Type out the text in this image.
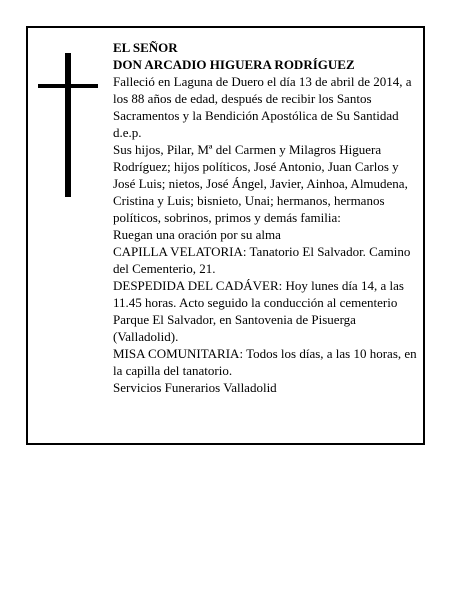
EL SEÑOR

DON ARCADIO HIGUERA RODRÍGUEZ

Falleció en Laguna de Duero el día 13 de abril de 2014, a los 88 años de edad, después de recibir los Santos Sacramentos y la Bendición Apostólica de Su Santidad

d.e.p.

Sus hijos, Pilar, Mª del Carmen y Milagros Higuera Rodríguez; hijos políticos, José Antonio, Juan Carlos y José Luis; nietos, José Ángel, Javier, Ainhoa, Almudena, Cristina y Luis; bisnieto, Unai; hermanos, hermanos políticos, sobrinos, primos y demás familia:

Ruegan una oración por su alma

CAPILLA VELATORIA: Tanatorio El Salvador. Camino del Cementerio, 21.

DESPEDIDA DEL CADÁVER: Hoy lunes día 14, a las 11.45 horas. Acto seguido la conducción al cementerio Parque El Salvador, en Santovenia de Pisuerga (Valladolid).

MISA COMUNITARIA: Todos los días, a las 10 horas, en la capilla del tanatorio.

Servicios Funerarios Valladolid
